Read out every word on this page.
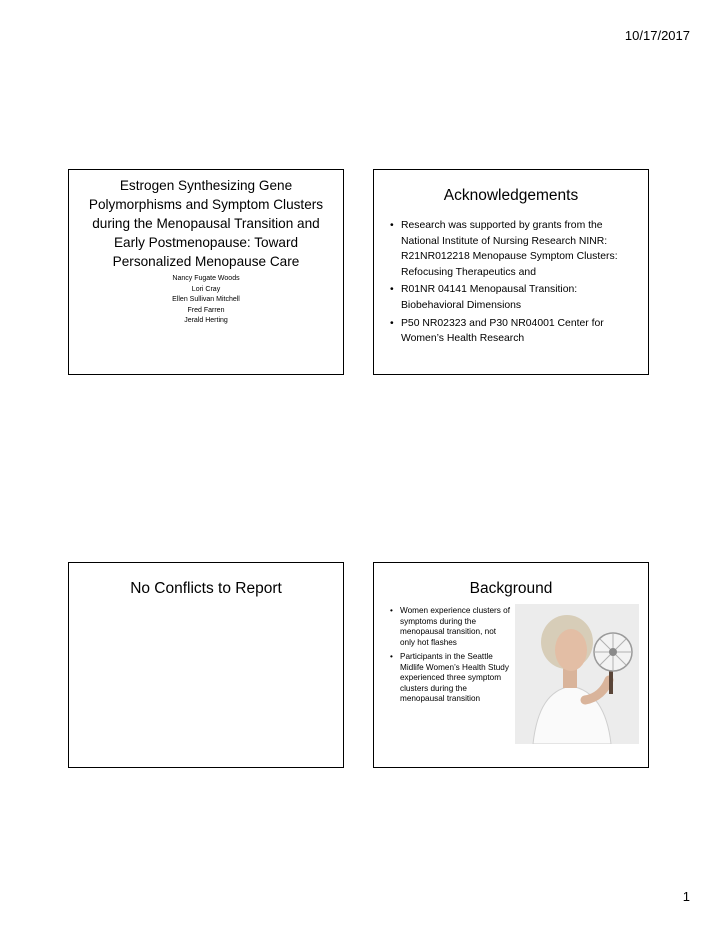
10/17/2017
Estrogen Synthesizing Gene Polymorphisms and Symptom Clusters during the Menopausal Transition and Early Postmenopause: Toward Personalized Menopause Care
Nancy Fugate Woods
Lori Cray
Ellen Sullivan Mitchell
Fred Farren
Jerald Herting
Acknowledgements
• Research was supported by grants from the National Institute of Nursing Research NINR: R21NR012218 Menopause Symptom Clusters: Refocusing Therapeutics and
• R01NR 04141 Menopausal Transition: Biobehavioral Dimensions
• P50 NR02323 and P30 NR04001 Center for Women’s Health Research
No Conflicts to Report	Background
• Women experience clusters of symptoms during the menopausal transition, not only hot flashes
• Participants in the Seattle Midlife Women’s Health Study experienced three symptom clusters during the menopausal transition
1
